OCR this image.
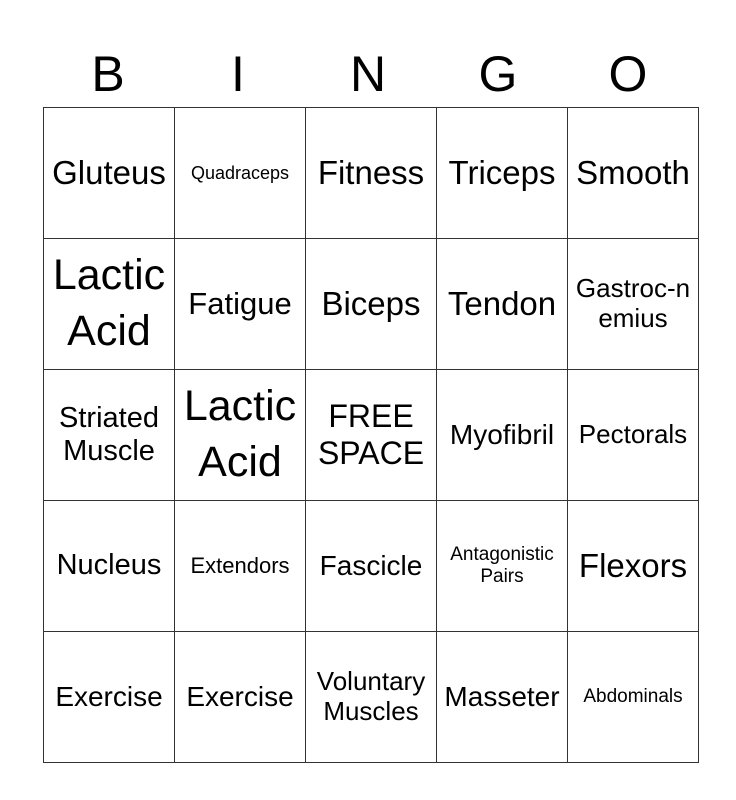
B	I	N	G	O
Gluteus	Quadraceps	Fitness	Triceps	Smooth
Lactic Acid	Fatigue	Biceps	Tendon	Gastroc-nemius
Striated Muscle	Lactic Acid	FREE SPACE	Myofibril	Pectorals
Nucleus	Extendors	Fascicle	Antagonistic Pairs	Flexors
Exercise	Exercise	Voluntary Muscles	Masseter	Abdominals
